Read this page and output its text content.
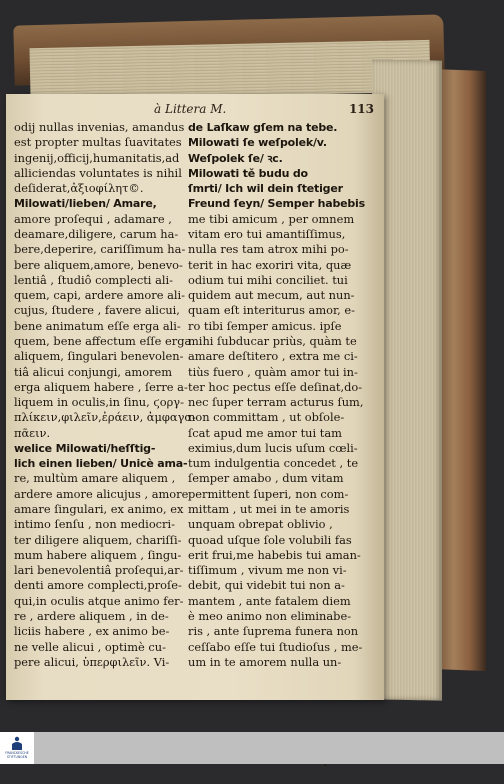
à Littera M.	113
odij nullas invenias, amandus
est propter multas ſuavitates
ingenij,officij,humanitatis,ad
alliciendas voluntates is nihil
deſiderat,ἀξιοφίλητ©.
Milowati/lieben/ Amare,
amore proſequi , adamare ,
deamare,diligere, carum ha-
bere,deperire, cariſſimum ha-
bere aliquem,amore, benevo-
lentiâ , ſtudiô complecti ali-
quem, capi, ardere amore ali-
cujus, ſtudere , favere alicui,
bene animatum eſſe erga ali-
quem, bene affectum eſſe erga
aliquem, ſingulari benevolen-
tiâ alicui conjungi, amorem
erga aliquem habere , ſerre a-
liquem in oculis,in ſinu, ϛοργ-
πλίκειν,φιλεῖν,ἐράειν, ἀμφαγα-
πᾶειν.
welice Milowati/heſſtig-
lich einen lieben/ Unicè ama-
re, multùm amare aliquem ,
ardere amore alicujus , amore
amare ſingulari, ex animo, ex
intimo ſenſu , non mediocri-
ter diligere aliquem, chariſſi-
mum habere aliquem , ſingu-
lari benevolentiâ proſequi,ar-
denti amore complecti,proſe-
qui,in oculis atque animo fer-
re , ardere aliquem , in de-
liciis habere , ex animo be-
ne velle alicui , optimè cu-
pere alicui, ὑπερφιλεῖν. Vi-
de Laſkaw gſem na tebe.
Milowati ſe weſpolek/v.
Weſpolek ſe/ ꝛc.
Milowati tě budu do
ſmrti/ Ich wil dein ſtetiger
Freund ſeyn/ Semper habebis
me tibi amicum , per omnem
vitam ero tui amantiſſimus,
nulla res tam atrox mihi po-
terit in hac exoriri vita, quæ
odium tui mihi conciliet. tui
quidem aut mecum, aut nun-
quam eſt interiturus amor, e-
ro tibi ſemper amicus. ipſe
mihi ſubducar priùs, quàm te
amare deſtitero , extra me ci-
tiùs fuero , quàm amor tui in-
ter hoc pectus eſſe deſinat,do-
nec ſuper terram acturus ſum,
non committam , ut obſole-
ſcat apud me amor tui tam
eximius,dum lucis uſum cœli-
tum indulgentia concedet , te
ſemper amabo , dum vitam
permittent ſuperi, non com-
mittam , ut mei in te amoris
unquam obrepat oblivio ,
quoad uſque ſole volubili fas
erit frui,me habebis tui aman-
tiſſimum , vivum me non vi-
debit, qui videbit tui non a-
mantem , ante fatalem diem
è meo animo non eliminabe-
ris , ante ſuprema funera non
ceſſabo eſſe tui ſtudioſus , me-
um in te amorem nulla un-
FRANCKESCHE STIFTUNGEN
